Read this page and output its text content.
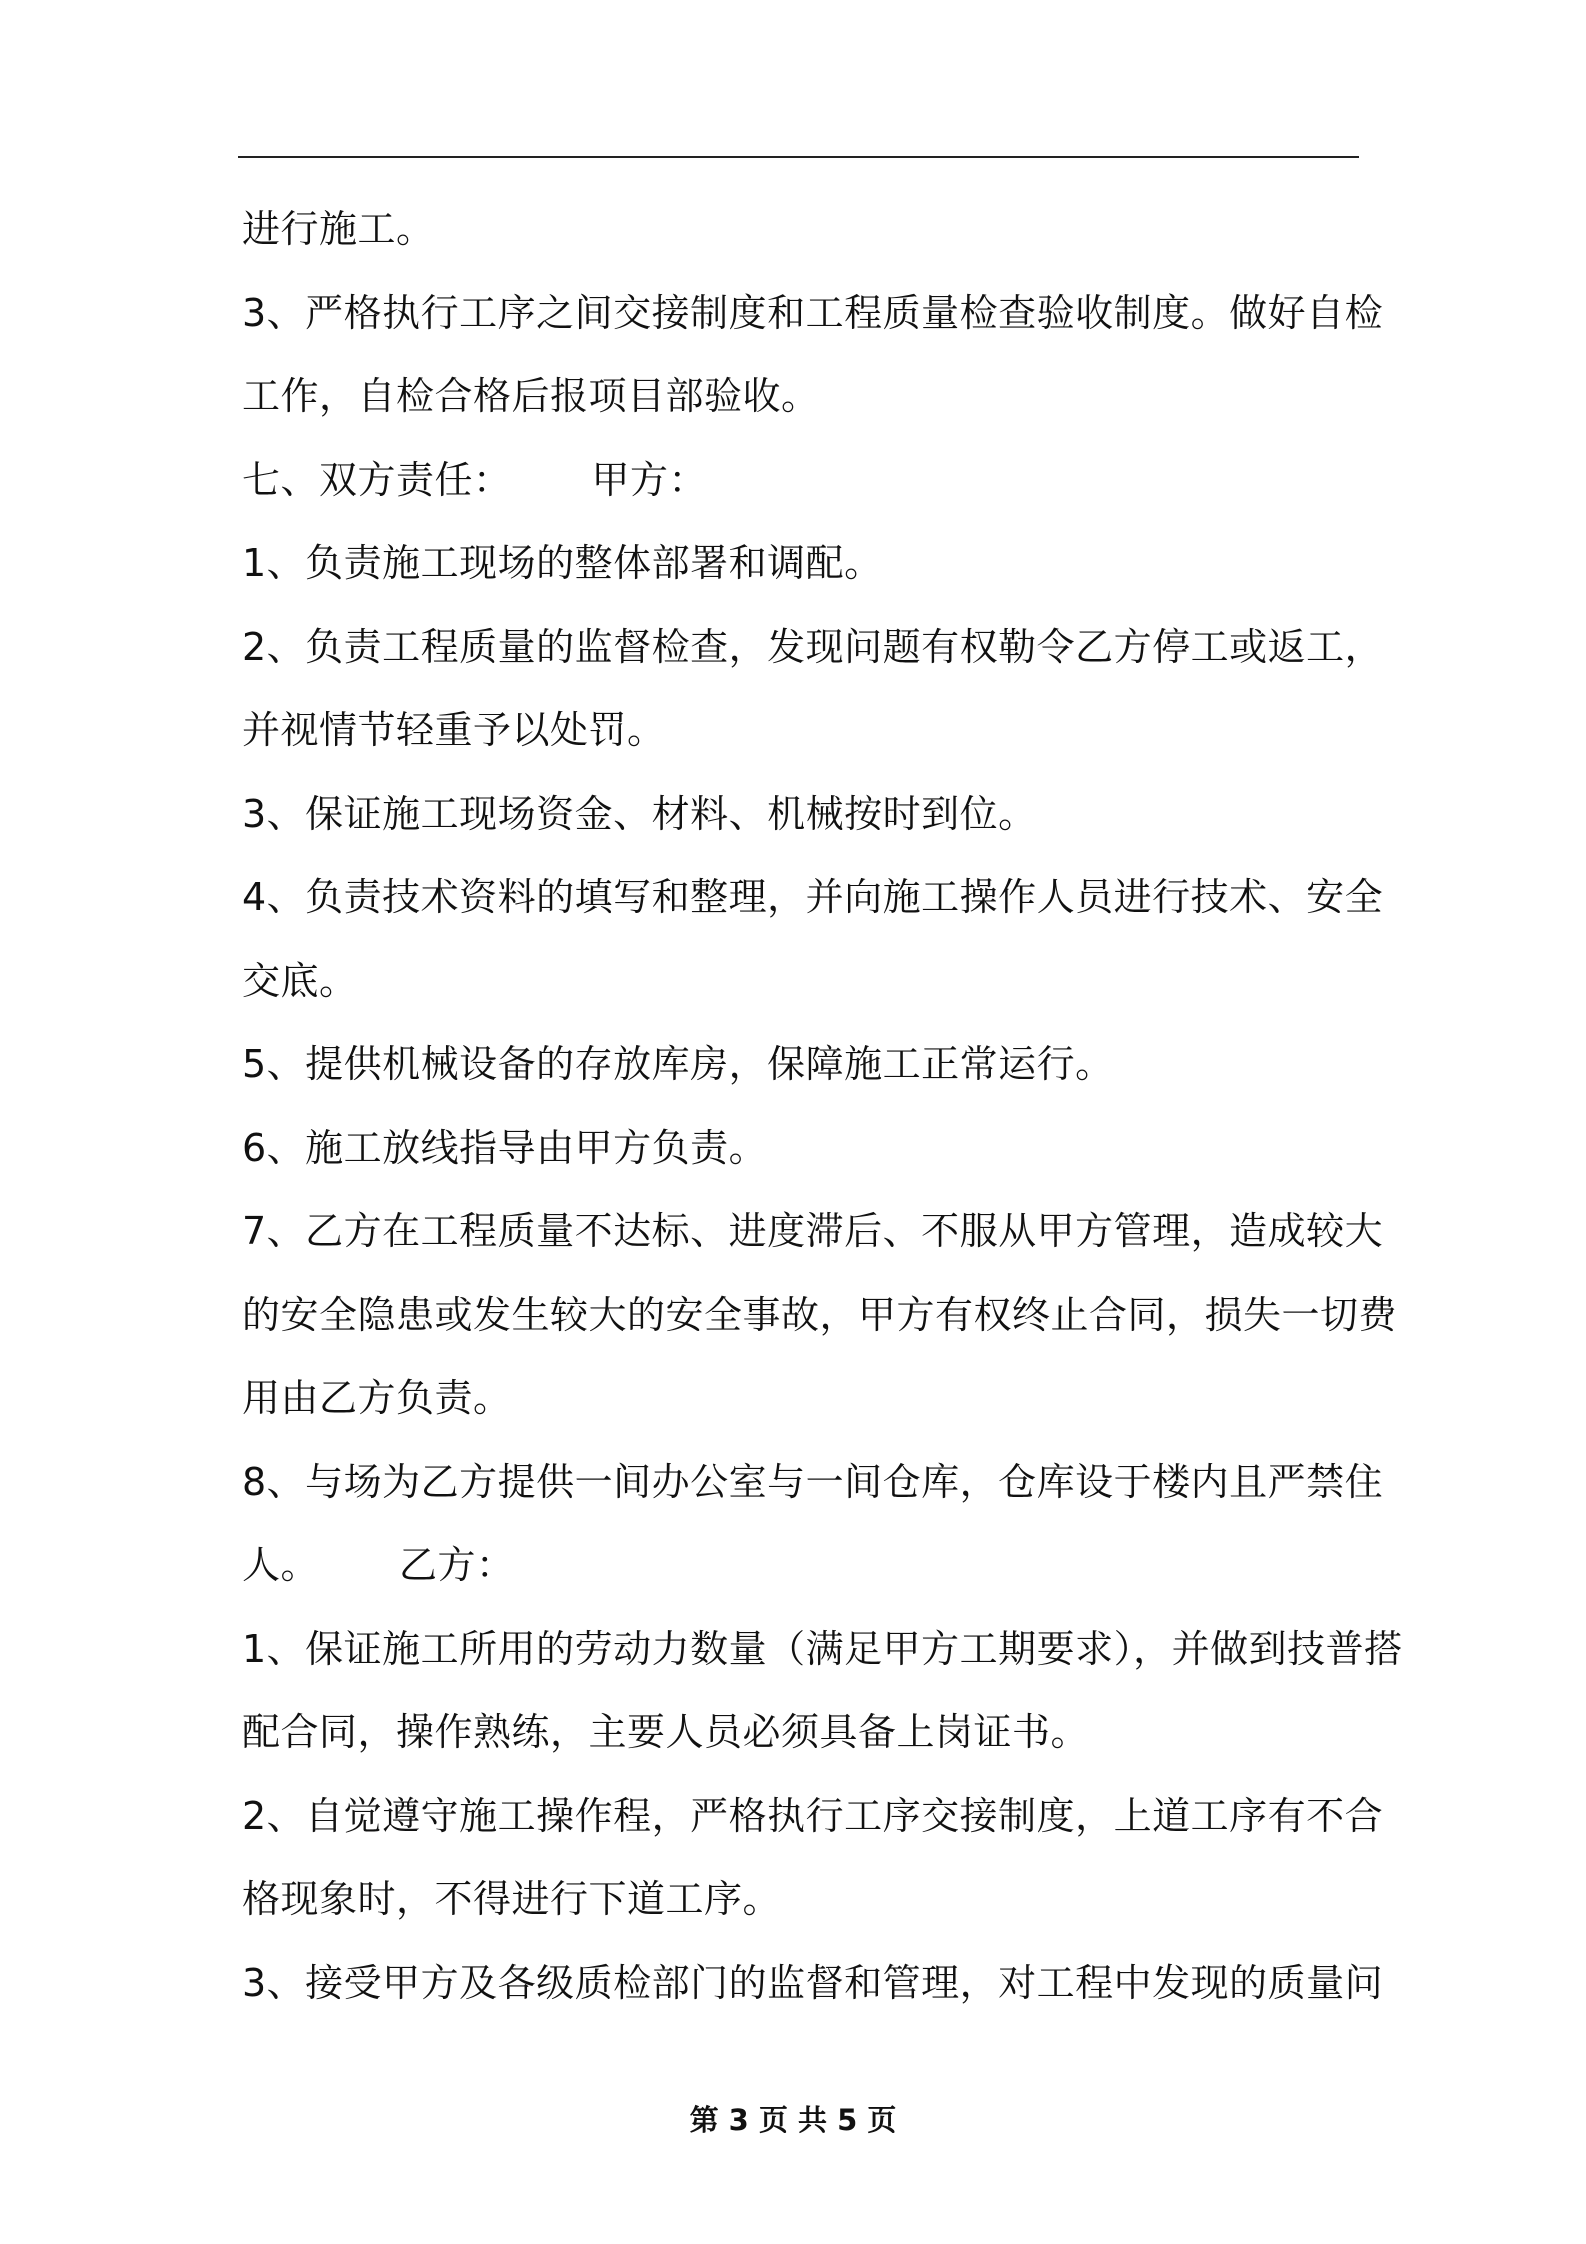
进行施工。

3、严格执行工序之间交接制度和工程质量检查验收制度。做好自检

工作，自检合格后报项目部验收。

七、双方责任： 甲方：

1、负责施工现场的整体部署和调配。

2、负责工程质量的监督检查，发现问题有权勒令乙方停工或返工，

并视情节轻重予以处罚。

3、保证施工现场资金、材料、机械按时到位。

4、负责技术资料的填写和整理，并向施工操作人员进行技术、安全

交底。

5、提供机械设备的存放库房，保障施工正常运行。

6、施工放线指导由甲方负责。

7、乙方在工程质量不达标、进度滞后、不服从甲方管理，造成较大

的安全隐患或发生较大的安全事故，甲方有权终止合同，损失一切费

用由乙方负责。

8、与场为乙方提供一间办公室与一间仓库，仓库设于楼内且严禁住

人。 乙方：

1、保证施工所用的劳动力数量（满足甲方工期要求），并做到技普搭

配合同，操作熟练，主要人员必须具备上岗证书。

2、自觉遵守施工操作程，严格执行工序交接制度，上道工序有不合

格现象时，不得进行下道工序。

3、接受甲方及各级质检部门的监督和管理，对工程中发现的质量问

第 3 页 共 5 页
